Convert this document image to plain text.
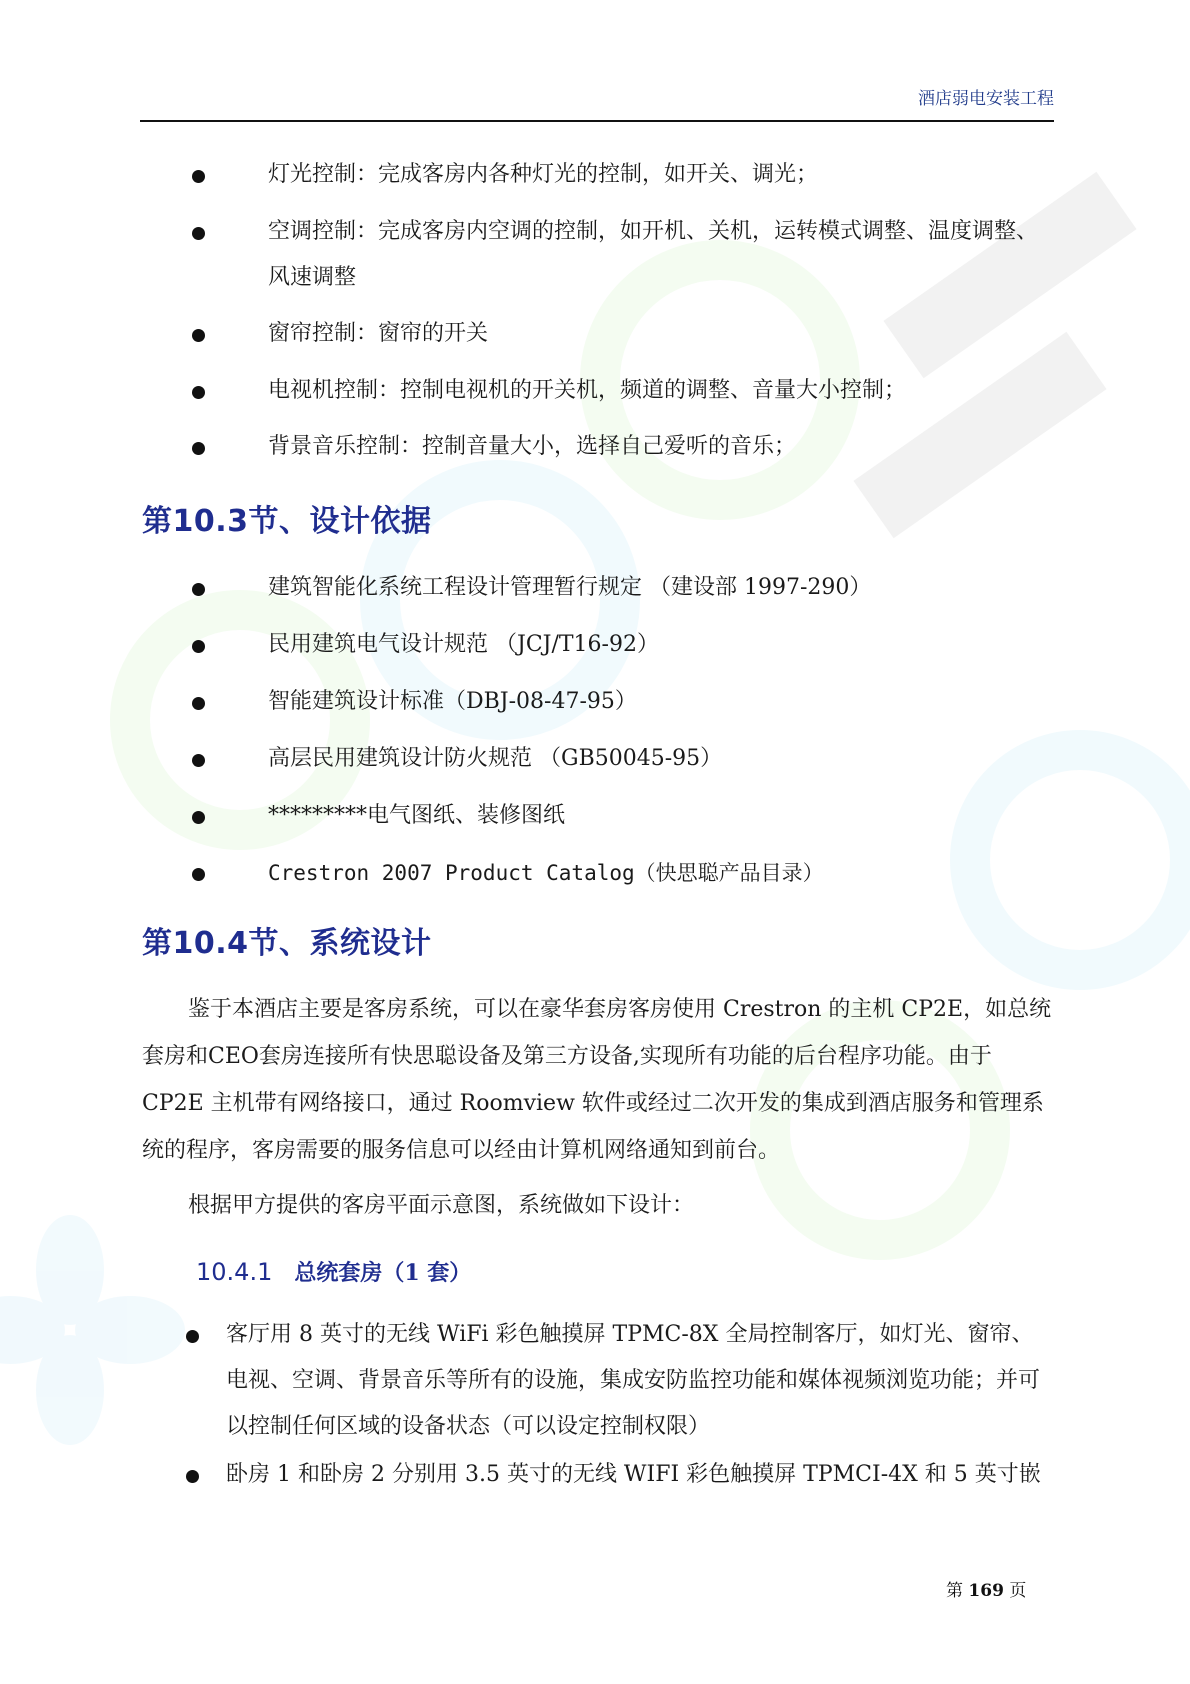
酒店弱电安装工程
灯光控制：完成客房内各种灯光的控制，如开关、调光；
空调控制：完成客房内空调的控制，如开机、关机，运转模式调整、温度调整、风速调整
窗帘控制：窗帘的开关
电视机控制：控制电视机的开关机，频道的调整、音量大小控制；
背景音乐控制：控制音量大小，选择自己爱听的音乐；
第10.3节、设计依据
建筑智能化系统工程设计管理暂行规定 （建设部 1997-290）
民用建筑电气设计规范 （JCJ/T16-92）
智能建筑设计标准（DBJ-08-47-95）
高层民用建筑设计防火规范 （GB50045-95）
*********电气图纸、装修图纸
Crestron 2007 Product Catalog（快思聪产品目录）
第10.4节、系统设计

鉴于本酒店主要是客房系统，可以在豪华套房客房使用 Crestron 的主机 CP2E，如总统套房和CEO套房连接所有快思聪设备及第三方设备,实现所有功能的后台程序功能。由于 CP2E 主机带有网络接口，通过 Roomview 软件或经过二次开发的集成到酒店服务和管理系统的程序，客房需要的服务信息可以经由计算机网络通知到前台。

根据甲方提供的客房平面示意图，系统做如下设计：

10.4.1 总统套房（1 套）
客厅用 8 英寸的无线 WiFi 彩色触摸屏 TPMC-8X 全局控制客厅，如灯光、窗帘、电视、空调、背景音乐等所有的设施，集成安防监控功能和媒体视频浏览功能；并可以控制任何区域的设备状态（可以设定控制权限）
卧房 1 和卧房 2 分别用 3.5 英寸的无线 WIFI 彩色触摸屏 TPMCI-4X 和 5 英寸嵌
第 169 页
